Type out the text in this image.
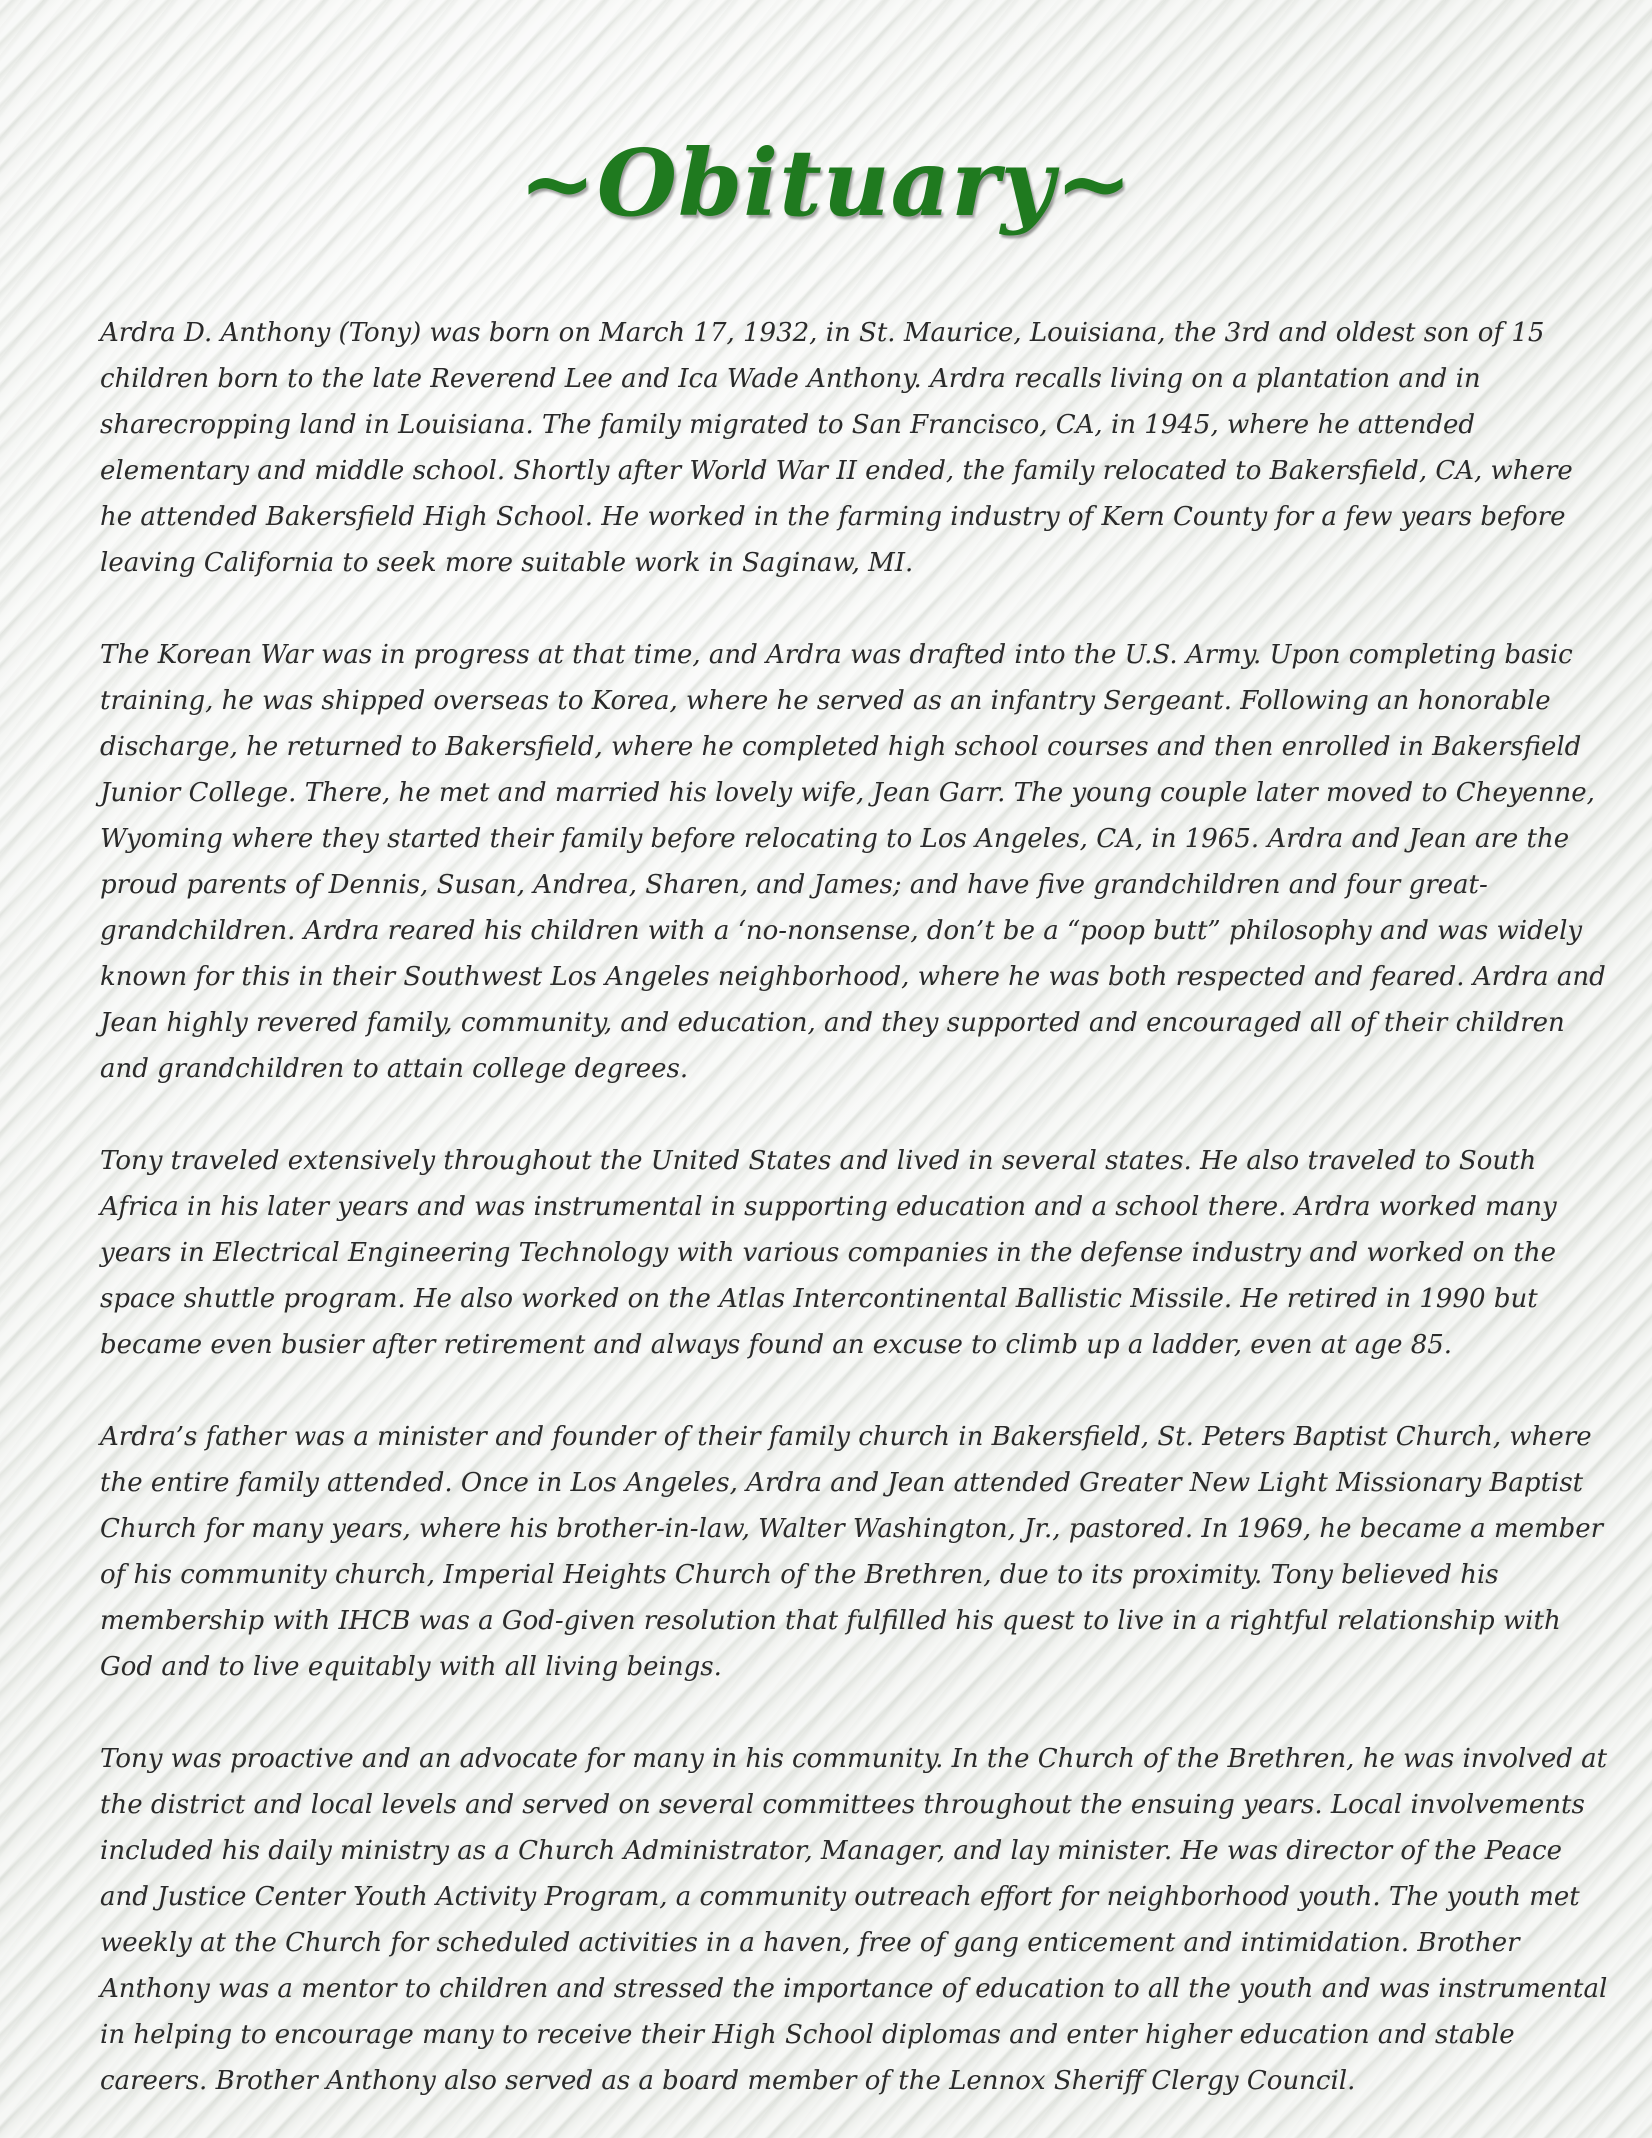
~Obituary~

Ardra D. Anthony (Tony) was born on March 17, 1932, in St. Maurice, Louisiana, the 3rd and oldest son of 15 children born to the late Reverend Lee and Ica Wade Anthony. Ardra recalls living on a plantation and in sharecropping land in Louisiana. The family migrated to San Francisco, CA, in 1945, where he attended elementary and middle school. Shortly after World War II ended, the family relocated to Bakersfield, CA, where he attended Bakersfield High School. He worked in the farming industry of Kern County for a few years before leaving California to seek more suitable work in Saginaw, MI.

The Korean War was in progress at that time, and Ardra was drafted into the U.S. Army. Upon completing basic training, he was shipped overseas to Korea, where he served as an infantry Sergeant. Following an honorable discharge, he returned to Bakersfield, where he completed high school courses and then enrolled in Bakersfield Junior College. There, he met and married his lovely wife, Jean Garr. The young couple later moved to Cheyenne, Wyoming where they started their family before relocating to Los Angeles, CA, in 1965. Ardra and Jean are the proud parents of Dennis, Susan, Andrea, Sharen, and James; and have five grandchildren and four great-grandchildren. Ardra reared his children with a ‘no-nonsense, don’t be a “poop butt” philosophy and was widely known for this in their Southwest Los Angeles neighborhood, where he was both respected and feared. Ardra and Jean highly revered family, community, and education, and they supported and encouraged all of their children and grandchildren to attain college degrees.

Tony traveled extensively throughout the United States and lived in several states. He also traveled to South Africa in his later years and was instrumental in supporting education and a school there. Ardra worked many years in Electrical Engineering Technology with various companies in the defense industry and worked on the space shuttle program. He also worked on the Atlas Intercontinental Ballistic Missile. He retired in 1990 but became even busier after retirement and always found an excuse to climb up a ladder, even at age 85.

Ardra’s father was a minister and founder of their family church in Bakersfield, St. Peters Baptist Church, where the entire family attended. Once in Los Angeles, Ardra and Jean attended Greater New Light Missionary Baptist Church for many years, where his brother-in-law, Walter Washington, Jr., pastored. In 1969, he became a member of his community church, Imperial Heights Church of the Brethren, due to its proximity. Tony believed his membership with IHCB was a God-given resolution that fulfilled his quest to live in a rightful relationship with God and to live equitably with all living beings.

Tony was proactive and an advocate for many in his community. In the Church of the Brethren, he was involved at the district and local levels and served on several committees throughout the ensuing years. Local involvements included his daily ministry as a Church Administrator, Manager, and lay minister. He was director of the Peace and Justice Center Youth Activity Program, a community outreach effort for neighborhood youth. The youth met weekly at the Church for scheduled activities in a haven, free of gang enticement and intimidation. Brother Anthony was a mentor to children and stressed the importance of education to all the youth and was instrumental in helping to encourage many to receive their High School diplomas and enter higher education and stable careers. Brother Anthony also served as a board member of the Lennox Sheriff Clergy Council.
